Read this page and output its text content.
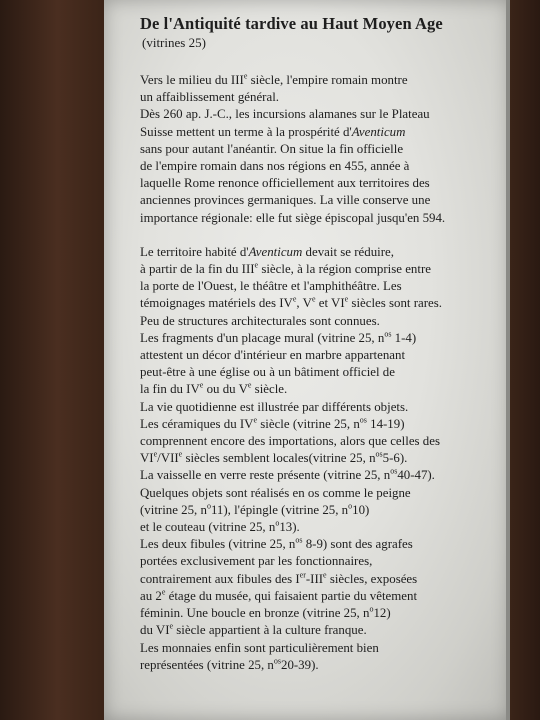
De l'Antiquité tardive au Haut Moyen Age
(vitrines 25)

Vers le milieu du IIIe siècle, l'empire romain montre

un affaiblissement général.

Dès 260 ap. J.-C., les incursions alamanes sur le Plateau

Suisse mettent un terme à la prospérité d'Aventicum

sans pour autant l'anéantir. On situe la fin officielle

de l'empire romain dans nos régions en 455, année à

laquelle Rome renonce officiellement aux territoires des

anciennes provinces germaniques. La ville conserve une

importance régionale: elle fut siège épiscopal jusqu'en 594.

Le territoire habité d'Aventicum devait se réduire,

à partir de la fin du IIIe siècle, à la région comprise entre

la porte de l'Ouest, le théâtre et l'amphithéâtre. Les

témoignages matériels des IVe, Ve et VIe siècles sont rares.

Peu de structures architecturales sont connues.

Les fragments d'un placage mural (vitrine 25, $n^{os}$ 1-4)

attestent un décor d'intérieur en marbre appartenant

peut-être à une église ou à un bâtiment officiel de

la fin du IVe ou du Ve siècle.

La vie quotidienne est illustrée par différents objets.

Les céramiques du IVe siècle (vitrine 25, $n^{os}$ 14-19)

comprennent encore des importations, alors que celles des

VIe/VIIe siècles semblent locales(vitrine 25, $n^{os}5-6$).

La vaisselle en verre reste présente (vitrine 25, $n^{os}40-47$).

Quelques objets sont réalisés en os comme le peigne

(vitrine 25, $n^o11$), l'épingle (vitrine 25, $n^o10$)

et le couteau (vitrine 25, $n^o13$).

Les deux fibules (vitrine 25, $n^{os}$ 8-9) sont des agrafes

portées exclusivement par les fonctionnaires,

contrairement aux fibules des Ier-IIIe siècles, exposées

au 2e étage du musée, qui faisaient partie du vêtement

féminin. Une boucle en bronze (vitrine 25, $n^o12$)

du VIe siècle appartient à la culture franque.

Les monnaies enfin sont particulièrement bien

représentées (vitrine 25, $n^{os}20-39$).
